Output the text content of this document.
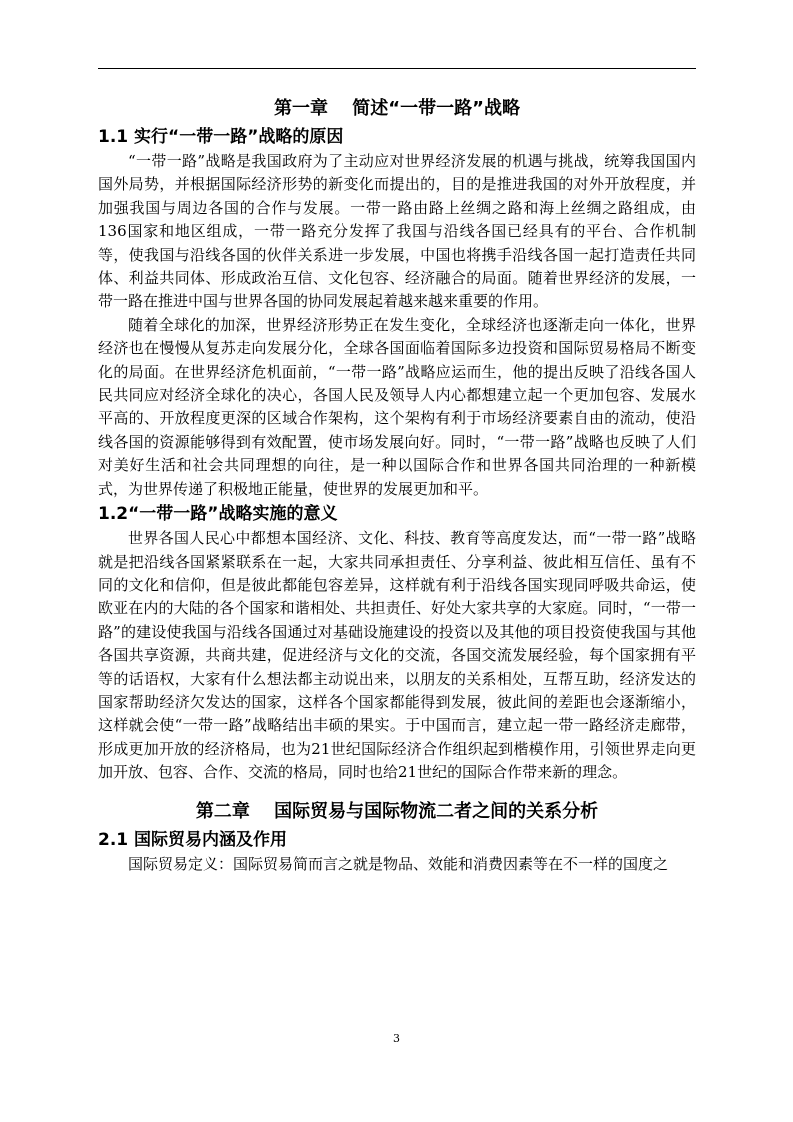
第一章　 简述“一带一路”战略
1.1 实行“一带一路”战略的原因

“一带一路”战略是我国政府为了主动应对世界经济发展的机遇与挑战，统筹我国国内国外局势，并根据国际经济形势的新变化而提出的，目的是推进我国的对外开放程度，并加强我国与周边各国的合作与发展。一带一路由路上丝绸之路和海上丝绸之路组成，由136国家和地区组成，一带一路充分发挥了我国与沿线各国已经具有的平台、合作机制等，使我国与沿线各国的伙伴关系进一步发展，中国也将携手沿线各国一起打造责任共同体、利益共同体、形成政治互信、文化包容、经济融合的局面。随着世界经济的发展，一带一路在推进中国与世界各国的协同发展起着越来越来重要的作用。

随着全球化的加深，世界经济形势正在发生变化，全球经济也逐渐走向一体化，世界经济也在慢慢从复苏走向发展分化，全球各国面临着国际多边投资和国际贸易格局不断变化的局面。在世界经济危机面前，“一带一路”战略应运而生，他的提出反映了沿线各国人民共同应对经济全球化的决心，各国人民及领导人内心都想建立起一个更加包容、发展水平高的、开放程度更深的区域合作架构，这个架构有利于市场经济要素自由的流动，使沿线各国的资源能够得到有效配置，使市场发展向好。同时，“一带一路”战略也反映了人们对美好生活和社会共同理想的向往，是一种以国际合作和世界各国共同治理的一种新模式，为世界传递了积极地正能量，使世界的发展更加和平。

1.2“一带一路”战略实施的意义

世界各国人民心中都想本国经济、文化、科技、教育等高度发达，而“一带一路”战略就是把沿线各国紧紧联系在一起，大家共同承担责任、分享利益、彼此相互信任、虽有不同的文化和信仰，但是彼此都能包容差异，这样就有利于沿线各国实现同呼吸共命运，使欧亚在内的大陆的各个国家和谐相处、共担责任、好处大家共享的大家庭。同时，“一带一路”的建设使我国与沿线各国通过对基础设施建设的投资以及其他的项目投资使我国与其他各国共享资源，共商共建，促进经济与文化的交流，各国交流发展经验，每个国家拥有平等的话语权，大家有什么想法都主动说出来，以朋友的关系相处，互帮互助，经济发达的国家帮助经济欠发达的国家，这样各个国家都能得到发展，彼此间的差距也会逐渐缩小，这样就会使“一带一路”战略结出丰硕的果实。于中国而言，建立起一带一路经济走廊带，形成更加开放的经济格局，也为21世纪国际经济合作组织起到楷模作用，引领世界走向更加开放、包容、合作、交流的格局，同时也给21世纪的国际合作带来新的理念。

第二章　 国际贸易与国际物流二者之间的关系分析
2.1 国际贸易内涵及作用

国际贸易定义：国际贸易简而言之就是物品、效能和消费因素等在不一样的国度之

3
